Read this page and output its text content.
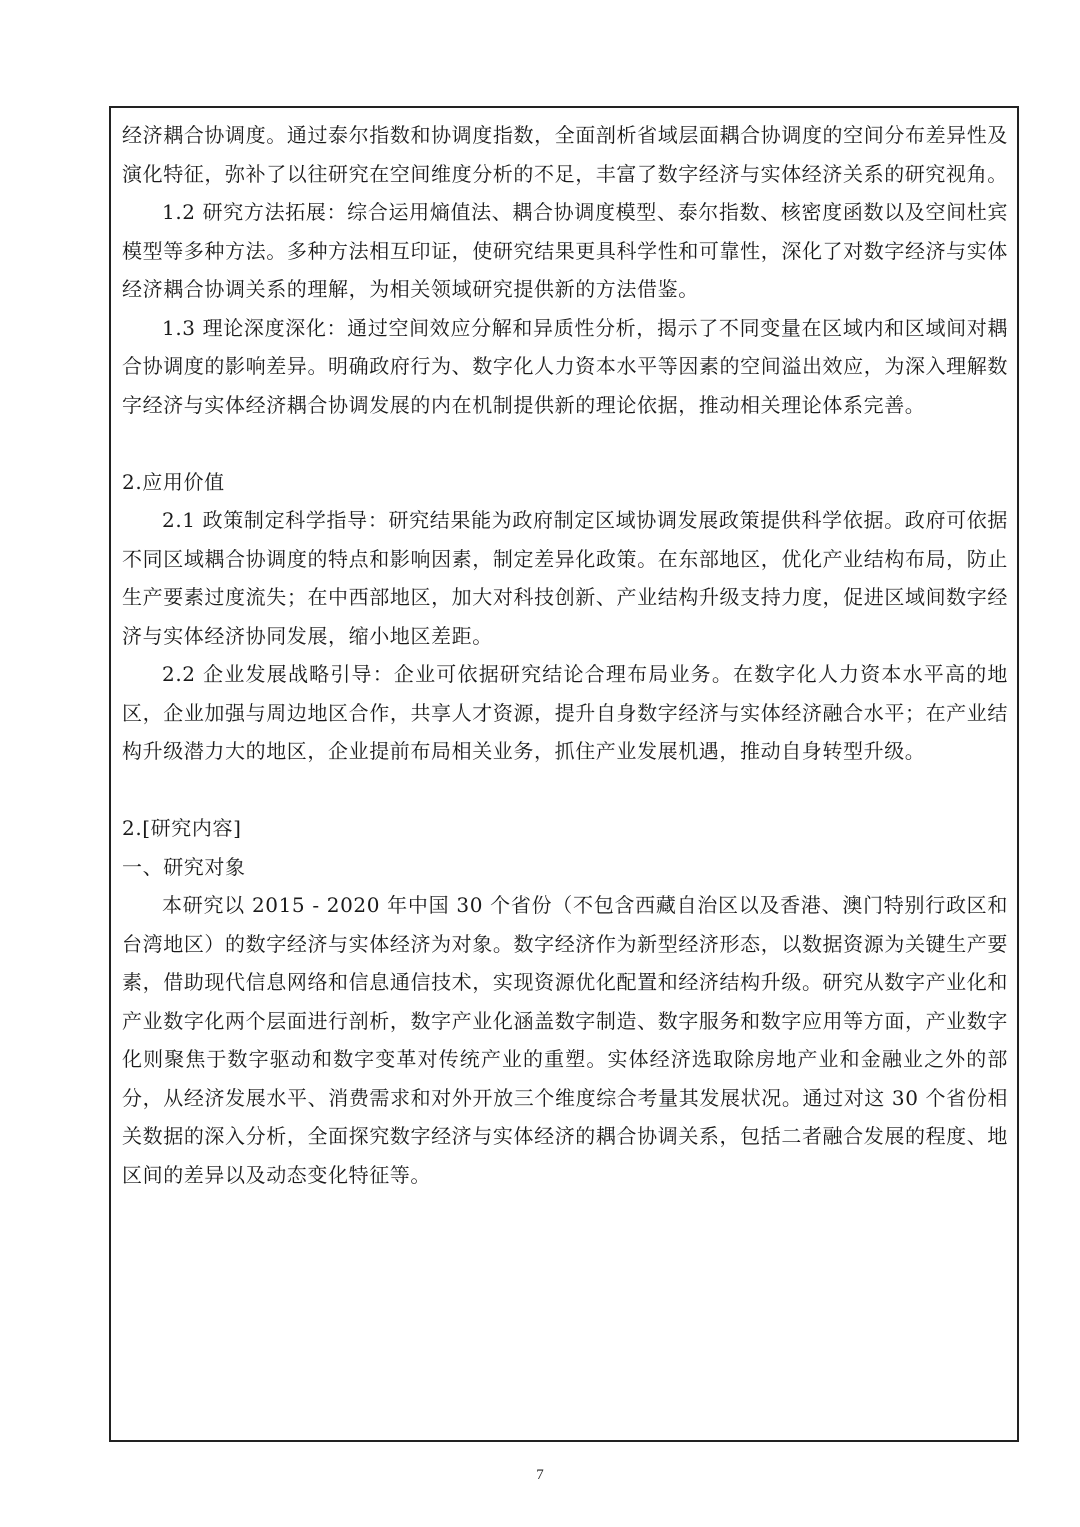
经济耦合协调度。通过泰尔指数和协调度指数，全面剖析省域层面耦合协调度的空间分布差异性及演化特征，弥补了以往研究在空间维度分析的不足，丰富了数字经济与实体经济关系的研究视角。

1.2 研究方法拓展：综合运用熵值法、耦合协调度模型、泰尔指数、核密度函数以及空间杜宾模型等多种方法。多种方法相互印证，使研究结果更具科学性和可靠性，深化了对数字经济与实体经济耦合协调关系的理解，为相关领域研究提供新的方法借鉴。

1.3 理论深度深化：通过空间效应分解和异质性分析，揭示了不同变量在区域内和区域间对耦合协调度的影响差异。明确政府行为、数字化人力资本水平等因素的空间溢出效应，为深入理解数字经济与实体经济耦合协调发展的内在机制提供新的理论依据，推动相关理论体系完善。

2.应用价值

2.1 政策制定科学指导：研究结果能为政府制定区域协调发展政策提供科学依据。政府可依据不同区域耦合协调度的特点和影响因素，制定差异化政策。在东部地区，优化产业结构布局，防止生产要素过度流失；在中西部地区，加大对科技创新、产业结构升级支持力度，促进区域间数字经济与实体经济协同发展，缩小地区差距。

2.2 企业发展战略引导：企业可依据研究结论合理布局业务。在数字化人力资本水平高的地区，企业加强与周边地区合作，共享人才资源，提升自身数字经济与实体经济融合水平；在产业结构升级潜力大的地区，企业提前布局相关业务，抓住产业发展机遇，推动自身转型升级。

2.[研究内容]

一、研究对象

本研究以 2015 - 2020 年中国 30 个省份（不包含西藏自治区以及香港、澳门特别行政区和台湾地区）的数字经济与实体经济为对象。数字经济作为新型经济形态，以数据资源为关键生产要素，借助现代信息网络和信息通信技术，实现资源优化配置和经济结构升级。研究从数字产业化和产业数字化两个层面进行剖析，数字产业化涵盖数字制造、数字服务和数字应用等方面，产业数字化则聚焦于数字驱动和数字变革对传统产业的重塑。实体经济选取除房地产业和金融业之外的部分，从经济发展水平、消费需求和对外开放三个维度综合考量其发展状况。通过对这 30 个省份相关数据的深入分析，全面探究数字经济与实体经济的耦合协调关系，包括二者融合发展的程度、地区间的差异以及动态变化特征等。

7
